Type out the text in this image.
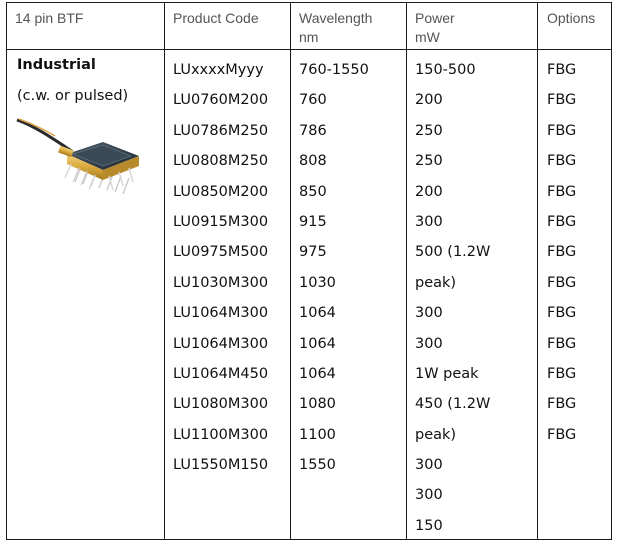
14 pin BTF	Product Code	Wavelength
nm
Power
mW
Options
Industrial
(c.w. or pulsed)
LUxxxxMyyy
LU0760M200
LU0786M250
LU0808M250
LU0850M200
LU0915M300
LU0975M500
LU1030M300
LU1064M300
LU1064M300
LU1064M450
LU1080M300
LU1100M300
LU1550M150
760-1550
760
786
808
850
915
975
1030
1064
1064
1064
1080
1100
1550
150-500
200
250
250
200
300
500 (1.2W
peak)
300
300
1W peak
450 (1.2W
peak)
300
300
150
FBG
FBG
FBG
FBG
FBG
FBG
FBG
FBG
FBG
FBG
FBG
FBG
FBG
